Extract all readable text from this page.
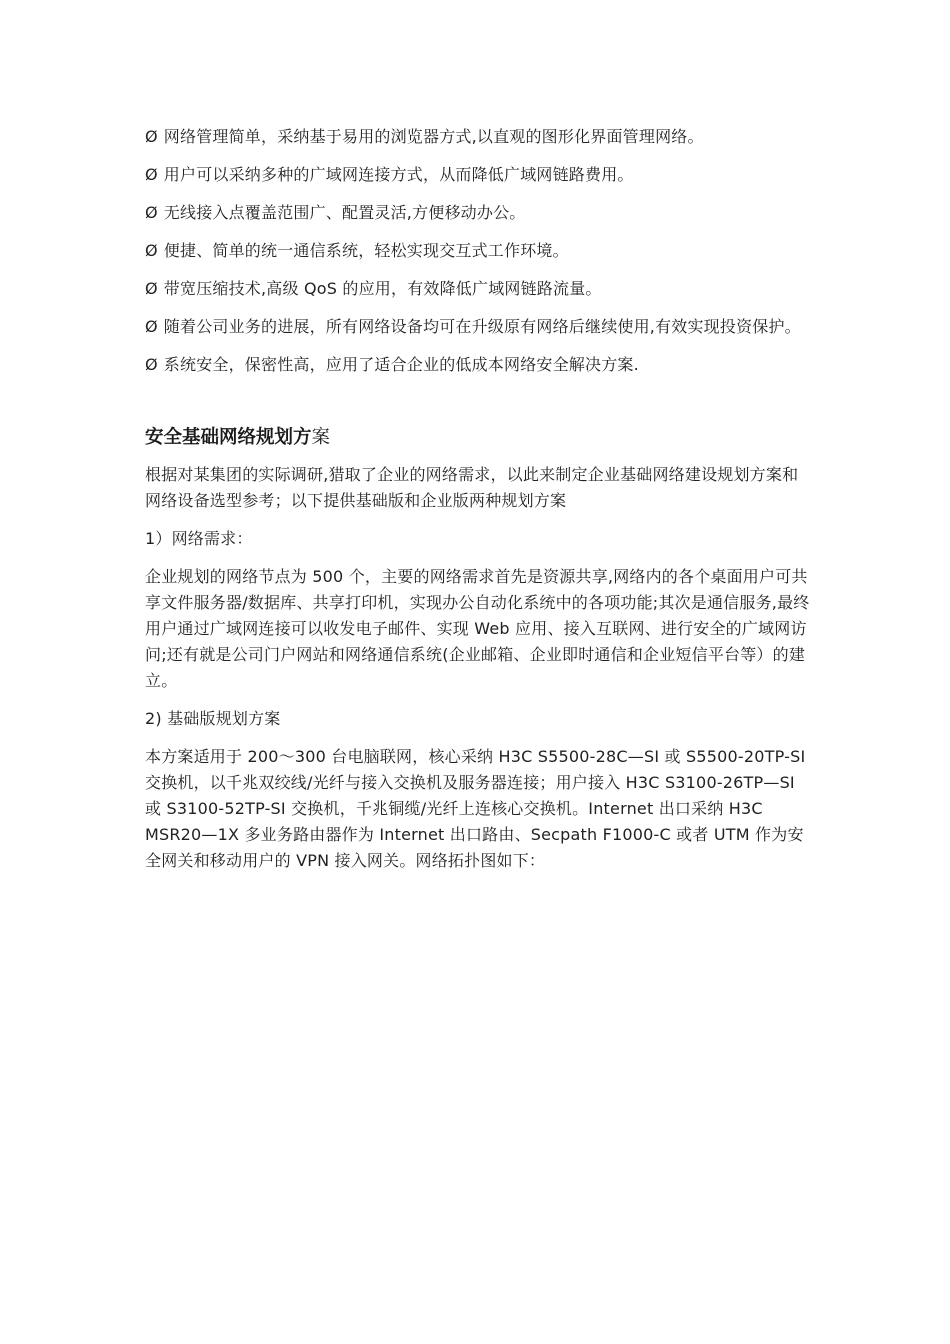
Ø 网络管理简单，采纳基于易用的浏览器方式,以直观的图形化界面管理网络。
Ø 用户可以采纳多种的广域网连接方式，从而降低广域网链路费用。
Ø 无线接入点覆盖范围广、配置灵活,方便移动办公。
Ø 便捷、简单的统一通信系统，轻松实现交互式工作环境。
Ø 带宽压缩技术,高级 QoS 的应用，有效降低广域网链路流量。
Ø 随着公司业务的进展，所有网络设备均可在升级原有网络后继续使用,有效实现投资保护。
Ø 系统安全，保密性高，应用了适合企业的低成本网络安全解决方案.
安全基础网络规划方案

根据对某集团的实际调研,猎取了企业的网络需求，以此来制定企业基础网络建设规划方案和网络设备选型参考；以下提供基础版和企业版两种规划方案

1）网络需求：

企业规划的网络节点为 500 个，主要的网络需求首先是资源共享,网络内的各个桌面用户可共享文件服务器/数据库、共享打印机，实现办公自动化系统中的各项功能;其次是通信服务,最终用户通过广域网连接可以收发电子邮件、实现 Web 应用、接入互联网、进行安全的广域网访问;还有就是公司门户网站和网络通信系统(企业邮箱、企业即时通信和企业短信平台等）的建立。

2) 基础版规划方案

本方案适用于 200～300 台电脑联网，核心采纳 H3C S5500-28C—SI 或 S5500-20TP-SI 交换机，以千兆双绞线/光纤与接入交换机及服务器连接；用户接入 H3C S3100-26TP—SI 或 S3100-52TP-SI 交换机，千兆铜缆/光纤上连核心交换机。Internet 出口采纳 H3C MSR20—1X 多业务路由器作为 Internet 出口路由、Secpath F1000-C 或者 UTM 作为安全网关和移动用户的 VPN 接入网关。网络拓扑图如下：
